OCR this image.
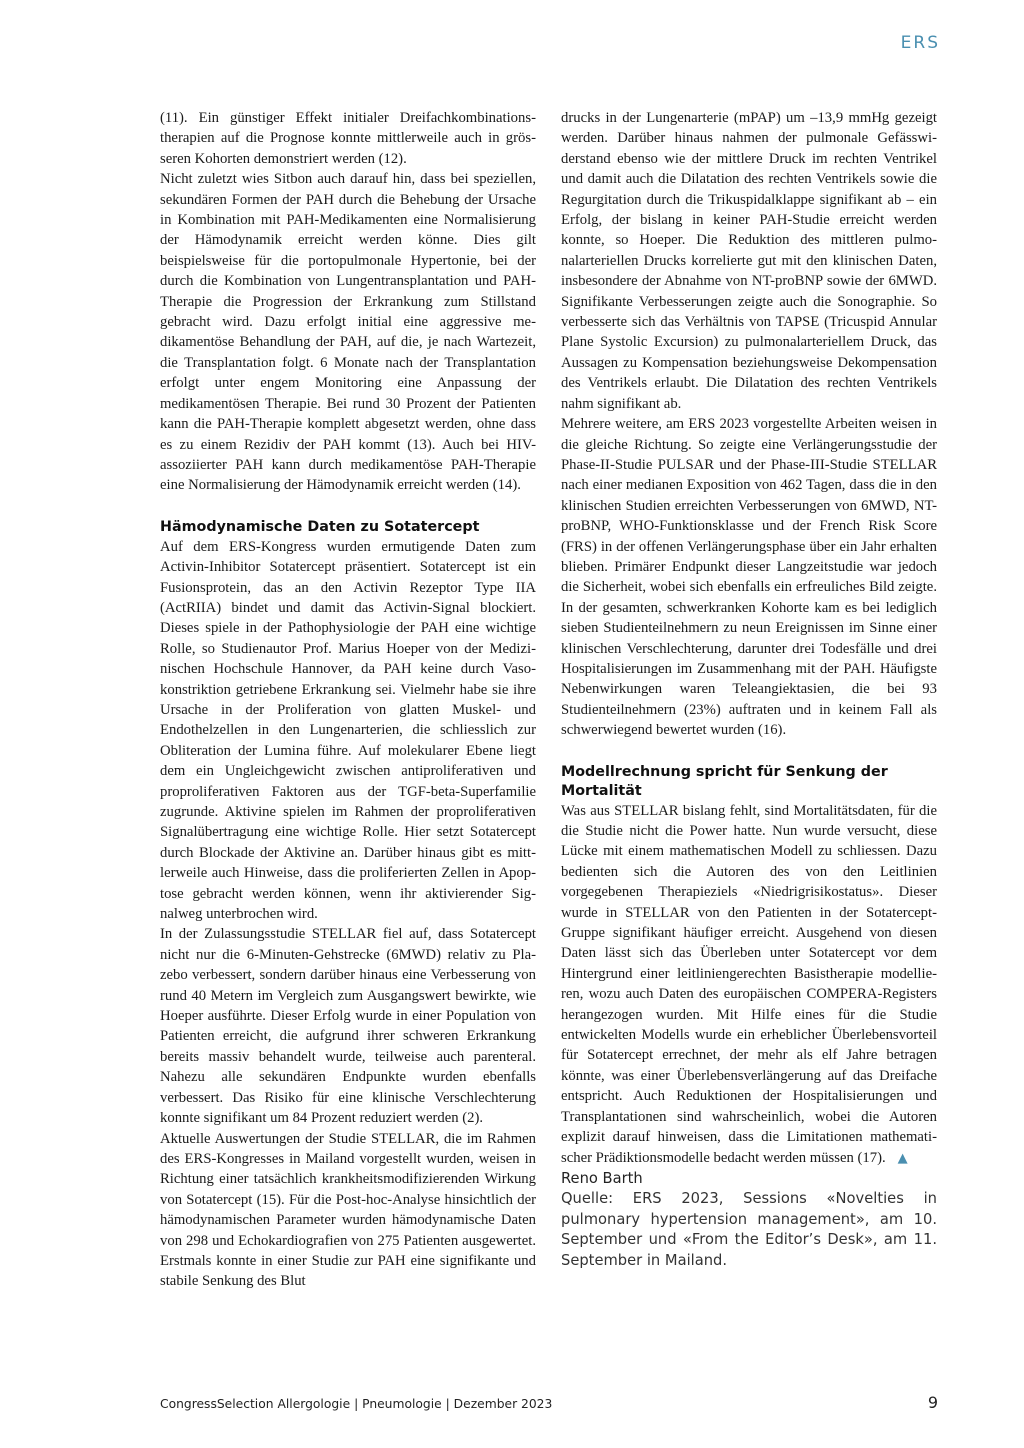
ERS

(11). Ein günstiger Effekt initialer Dreifachkombinationstherapien auf die Prognose konnte mittlerweile auch in grösseren Kohorten demonstriert werden (12).

Nicht zuletzt wies Sitbon auch darauf hin, dass bei speziellen, sekundären Formen der PAH durch die Behebung der Ursache in Kombination mit PAH-Medikamenten eine Normalisierung der Hämodynamik erreicht werden könne. Dies gilt beispielsweise für die portopulmonale Hypertonie, bei der durch die Kombination von Lungentransplantation und PAH-Therapie die Progression der Erkrankung zum Stillstand gebracht wird. Dazu erfolgt initial eine aggressive medikamentöse Behandlung der PAH, auf die, je nach Wartezeit, die Transplantation folgt. 6 Monate nach der Transplantation erfolgt unter engem Monitoring eine Anpassung der medikamentösen Therapie. Bei rund 30 Prozent der Patienten kann die PAH-Therapie komplett abgesetzt werden, ohne dass es zu einem Rezidiv der PAH kommt (13). Auch bei HIV-assoziierter PAH kann durch medikamentöse PAH-Therapie eine Normalisierung der Hämodynamik erreicht werden (14).

Hämodynamische Daten zu Sotatercept

Auf dem ERS-Kongress wurden ermutigende Daten zum Activin-Inhibitor Sotatercept präsentiert. Sotatercept ist ein Fusionsprotein, das an den Activin Rezeptor Type IIA (ActRIIA) bindet und damit das Activin-Signal blockiert. Dieses spiele in der Pathophysiologie der PAH eine wichtige Rolle, so Studienautor Prof. Marius Hoeper von der Medizinischen Hochschule Hannover, da PAH keine durch Vasokonstriktion getriebene Erkrankung sei. Vielmehr habe sie ihre Ursache in der Proliferation von glatten Muskel- und Endothelzellen in den Lungenarterien, die schliesslich zur Obliteration der Lumina führe. Auf molekularer Ebene liegt dem ein Ungleichgewicht zwischen antiproliferativen und proproliferativen Faktoren aus der TGF-beta-Superfamilie zugrunde. Aktivine spielen im Rahmen der proproliferativen Signalübertragung eine wichtige Rolle. Hier setzt Sotatercept durch Blockade der Aktivine an. Darüber hinaus gibt es mittlerweile auch Hinweise, dass die proliferierten Zellen in Apoptose gebracht werden können, wenn ihr aktivierender Signalweg unterbrochen wird.

In der Zulassungsstudie STELLAR fiel auf, dass Sotatercept nicht nur die 6-Minuten-Gehstrecke (6MWD) relativ zu Plazebo verbessert, sondern darüber hinaus eine Verbesserung von rund 40 Metern im Vergleich zum Ausgangswert bewirkte, wie Hoeper ausführte. Dieser Erfolg wurde in einer Population von Patienten erreicht, die aufgrund ihrer schweren Erkrankung bereits massiv behandelt wurde, teilweise auch parenteral. Nahezu alle sekundären Endpunkte wurden ebenfalls verbessert. Das Risiko für eine klinische Verschlechterung konnte signifikant um 84 Prozent reduziert werden (2).

Aktuelle Auswertungen der Studie STELLAR, die im Rahmen des ERS-Kongresses in Mailand vorgestellt wurden, weisen in Richtung einer tatsächlich krankheitsmodifizierenden Wirkung von Sotatercept (15). Für die Post-hoc-Analyse hinsichtlich der hämodynamischen Parameter wurden hämodynamische Daten von 298 und Echokardiografien von 275 Patienten ausgewertet. Erstmals konnte in einer Studie zur PAH eine signifikante und stabile Senkung des Blut

drucks in der Lungenarterie (mPAP) um –13,9 mmHg gezeigt werden. Darüber hinaus nahmen der pulmonale Gefässwiderstand ebenso wie der mittlere Druck im rechten Ventrikel und damit auch die Dilatation des rechten Ventrikels sowie die Regurgitation durch die Trikuspidalklappe signifikant ab – ein Erfolg, der bislang in keiner PAH-Studie erreicht werden konnte, so Hoeper. Die Reduktion des mittleren pulmonalarteriellen Drucks korrelierte gut mit den klinischen Daten, insbesondere der Abnahme von NT-proBNP sowie der 6MWD. Signifikante Verbesserungen zeigte auch die Sonographie. So verbesserte sich das Verhältnis von TAPSE (Tricuspid Annular Plane Systolic Excursion) zu pulmonalarteriellem Druck, das Aussagen zu Kompensation beziehungsweise Dekompensation des Ventrikels erlaubt. Die Dilatation des rechten Ventrikels nahm signifikant ab.

Mehrere weitere, am ERS 2023 vorgestellte Arbeiten weisen in die gleiche Richtung. So zeigte eine Verlängerungsstudie der Phase-II-Studie PULSAR und der Phase-III-Studie STELLAR nach einer medianen Exposition von 462 Tagen, dass die in den klinischen Studien erreichten Verbesserungen von 6MWD, NT-proBNP, WHO-Funktionsklasse und der French Risk Score (FRS) in der offenen Verlängerungsphase über ein Jahr erhalten blieben. Primärer Endpunkt dieser Langzeitstudie war jedoch die Sicherheit, wobei sich ebenfalls ein erfreuliches Bild zeigte. In der gesamten, schwerkranken Kohorte kam es bei lediglich sieben Studienteilnehmern zu neun Ereignissen im Sinne einer klinischen Verschlechterung, darunter drei Todesfälle und drei Hospitalisierungen im Zusammenhang mit der PAH. Häufigste Nebenwirkungen waren Teleangiektasien, die bei 93 Studienteilnehmern (23%) auftraten und in keinem Fall als schwerwiegend bewertet wurden (16).

Modellrechnung spricht für Senkung der Mortalität

Was aus STELLAR bislang fehlt, sind Mortalitätsdaten, für die die Studie nicht die Power hatte. Nun wurde versucht, diese Lücke mit einem mathematischen Modell zu schliessen. Dazu bedienten sich die Autoren des von den Leitlinien vorgegebenen Therapieziels «Niedrigrisikostatus». Dieser wurde in STELLAR von den Patienten in der Sotatercept-Gruppe signifikant häufiger erreicht. Ausgehend von diesen Daten lässt sich das Überleben unter Sotatercept vor dem Hintergrund einer leitliniengerechten Basistherapie modellieren, wozu auch Daten des europäischen COMPERA-Registers herangezogen wurden. Mit Hilfe eines für die Studie entwickelten Modells wurde ein erheblicher Überlebensvorteil für Sotatercept errechnet, der mehr als elf Jahre betragen könnte, was einer Überlebensverlängerung auf das Dreifache entspricht. Auch Reduktionen der Hospitalisierungen und Transplantationen sind wahrscheinlich, wobei die Autoren explizit darauf hinweisen, dass die Limitationen mathematischer Prädiktionsmodelle bedacht werden müssen (17). ▲

Reno Barth

Quelle: ERS 2023, Sessions «Novelties in pulmonary hypertension management», am 10. September und «From the Editor’s Desk», am 11. September in Mailand.

CongressSelection Allergologie | Pneumologie | Dezember 2023	9
